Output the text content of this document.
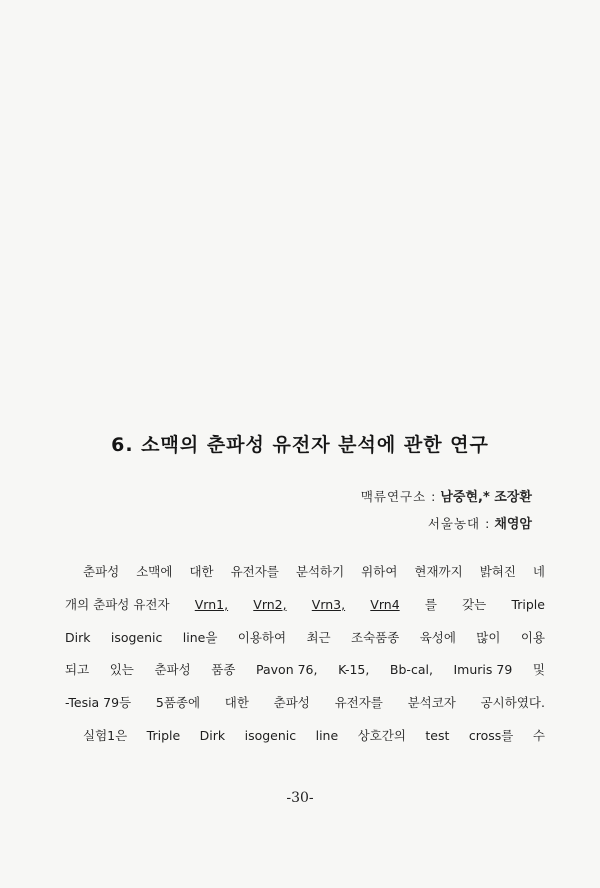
6. 소맥의 춘파성 유전자 분석에 관한 연구
맥류연구소 : 남중현,* 조장환
서울농대 : 채영암
춘파성 소맥에 대한 유전자를 분석하기 위하여 현재까지 밝혀진 네
개의 춘파성 유전자 Vrn1, Vrn2, Vrn3, Vrn4 를 갖는 Triple
Dirk isogenic line을 이용하여 최근 조숙품종 육성에 많이 이용
되고 있는 춘파성 품종 Pavon 76, K-15, Bb-cal, Imuris 79 및
-Tesia 79등 5품종에 대한 춘파성 유전자를 분석코자 공시하였다.
실험1은 Triple Dirk isogenic line 상호간의 test cross를 수
-30-
